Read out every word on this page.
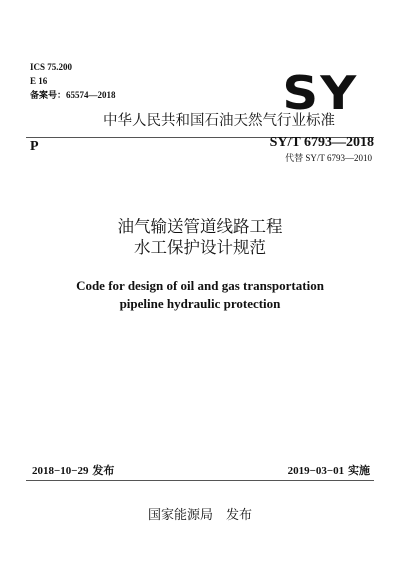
ICS 75.200
E 16
备案号：65574—2018	SY
中华人民共和国石油天然气行业标准
P	SY/T 6793—2018
代替 SY/T 6793—2010
油气输送管道线路工程
水工保护设计规范
Code for design of oil and gas transportation
pipeline hydraulic protection
2018−10−29 发布	2019−03−01 实施
国家能源局　发布
